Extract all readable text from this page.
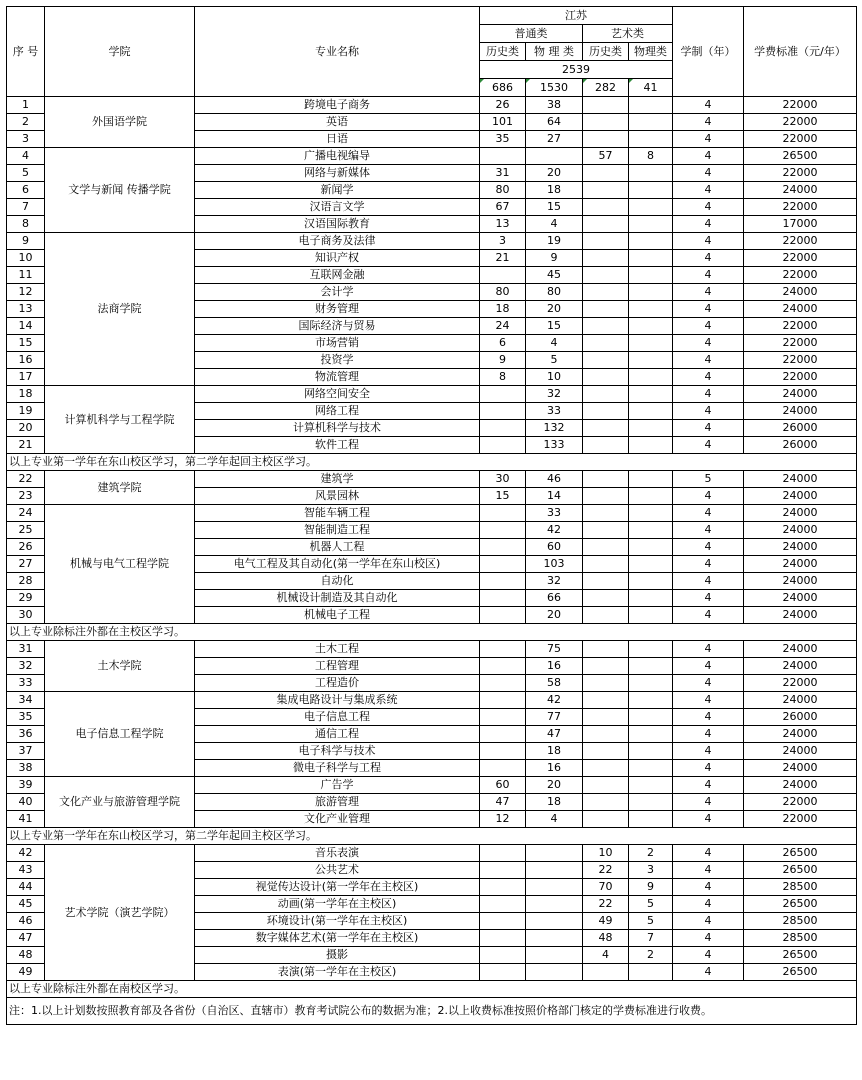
序 号	学院	专业名称	江苏				学制（年）	学费标准（元/年）
			普通类		艺术类			
			历史类	物 理 类	历史类	物理类		
			2539					
			686	1530	282	41		
1	外国语学院	跨境电子商务	26	38			4	22000
2		英语	101	64			4	22000
3		日语	35	27			4	22000
4	文学与新闻 传播学院	广播电视编导			57	8	4	26500
5		网络与新媒体	31	20			4	22000
6		新闻学	80	18			4	24000
7		汉语言文学	67	15			4	22000
8		汉语国际教育	13	4			4	17000
9	法商学院	电子商务及法律	3	19			4	22000
10		知识产权	21	9			4	22000
11		互联网金融		45			4	22000
12		会计学	80	80			4	24000
13		财务管理	18	20			4	24000
14		国际经济与贸易	24	15			4	22000
15		市场营销	6	4			4	22000
16		投资学	9	5			4	22000
17		物流管理	8	10			4	22000
18	计算机科学与工程学院	网络空间安全		32			4	24000
19		网络工程		33			4	24000
20		计算机科学与技术		132			4	26000
21		软件工程		133			4	26000
以上专业第一学年在东山校区学习，第二学年起回主校区学习。								
22	建筑学院	建筑学	30	46			5	24000
23		风景园林	15	14			4	24000
24	机械与电气工程学院	智能车辆工程		33			4	24000
25		智能制造工程		42			4	24000
26		机器人工程		60			4	24000
27		电气工程及其自动化(第一学年在东山校区)		103			4	24000
28		自动化		32			4	24000
29		机械设计制造及其自动化		66			4	24000
30		机械电子工程		20			4	24000
以上专业除标注外都在主校区学习。								
31	土木学院	土木工程		75			4	24000
32		工程管理		16			4	24000
33		工程造价		58			4	22000
34	电子信息工程学院	集成电路设计与集成系统		42			4	24000
35		电子信息工程		77			4	26000
36		通信工程		47			4	24000
37		电子科学与技术		18			4	24000
38		微电子科学与工程		16			4	24000
39	文化产业与旅游管理学院	广告学	60	20			4	24000
40		旅游管理	47	18			4	22000
41		文化产业管理	12	4			4	22000
以上专业第一学年在东山校区学习，第二学年起回主校区学习。								
42	艺术学院（演艺学院）	音乐表演			10	2	4	26500
43		公共艺术			22	3	4	26500
44		视觉传达设计(第一学年在主校区)			70	9	4	28500
45		动画(第一学年在主校区)			22	5	4	26500
46		环境设计(第一学年在主校区)			49	5	4	28500
47		数字媒体艺术(第一学年在主校区)			48	7	4	28500
48		摄影			4	2	4	26500
49		表演(第一学年在主校区)					4	26500
以上专业除标注外都在南校区学习。								
注：1.以上计划数按照教育部及各省份（自治区、直辖市）教育考试院公布的数据为准；2.以上收费标准按照价格部门核定的学费标准进行收费。								
